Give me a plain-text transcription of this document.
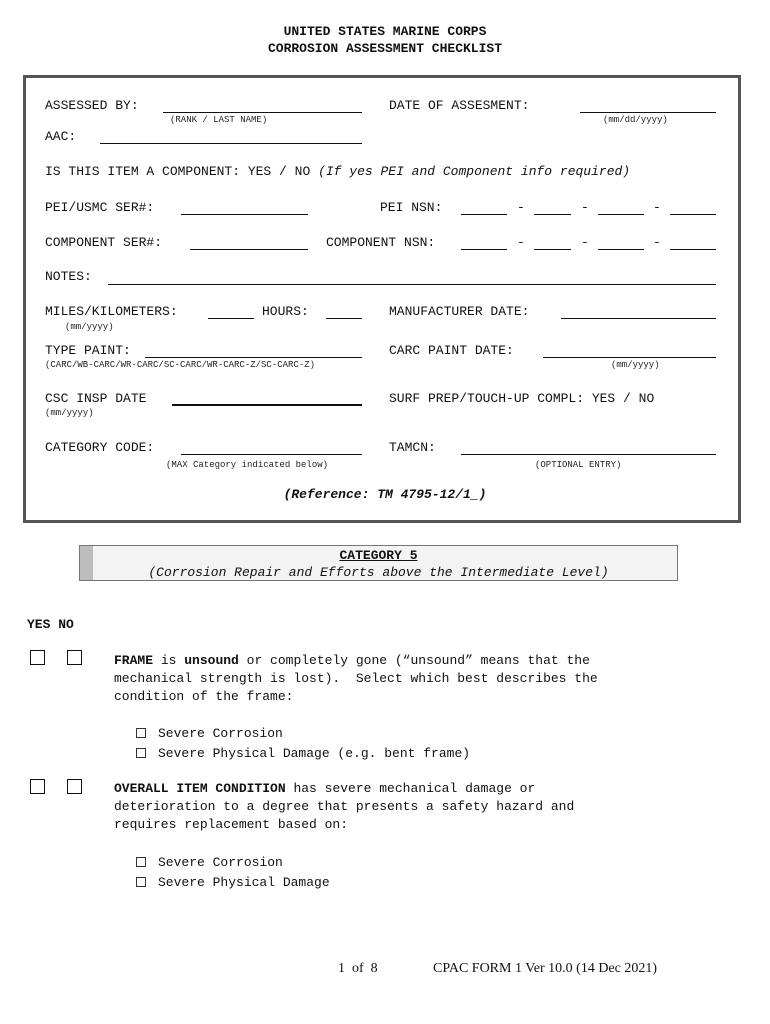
UNITED STATES MARINE CORPS
CORROSION ASSESSMENT CHECKLIST
ASSESSED BY:
(RANK / LAST NAME)
DATE OF ASSESMENT:
(mm/dd/yyyy)
AAC:
IS THIS ITEM A COMPONENT: YES / NO (If yes PEI and Component info required)
PEI/USMC SER#:	PEI NSN:	-	-	-
COMPONENT SER#:	COMPONENT NSN:	-	-	-
NOTES:
MILES/KILOMETERS:
(mm/yyyy)
HOURS:	MANUFACTURER DATE:
TYPE PAINT:
(CARC/WB-CARC/WR-CARC/SC-CARC/WR-CARC-Z/SC-CARC-Z)
CARC PAINT DATE:
(mm/yyyy)
CSC INSP DATE
(mm/yyyy)
SURF PREP/TOUCH-UP COMPL: YES / NO
CATEGORY CODE:
(MAX Category indicated below)
TAMCN:
(OPTIONAL ENTRY)
(Reference: TM 4795-12/1_)
CATEGORY 5
(Corrosion Repair and Efforts above the Intermediate Level)
YES NO
FRAME is unsound or completely gone (“unsound” means that the
mechanical strength is lost).  Select which best describes the
condition of the frame:
Severe Corrosion
Severe Physical Damage (e.g. bent frame)
OVERALL ITEM CONDITION has severe mechanical damage or
deterioration to a degree that presents a safety hazard and
requires replacement based on:
Severe Corrosion
Severe Physical Damage
1  of  8	CPAC FORM 1 Ver 10.0 (14 Dec 2021)
